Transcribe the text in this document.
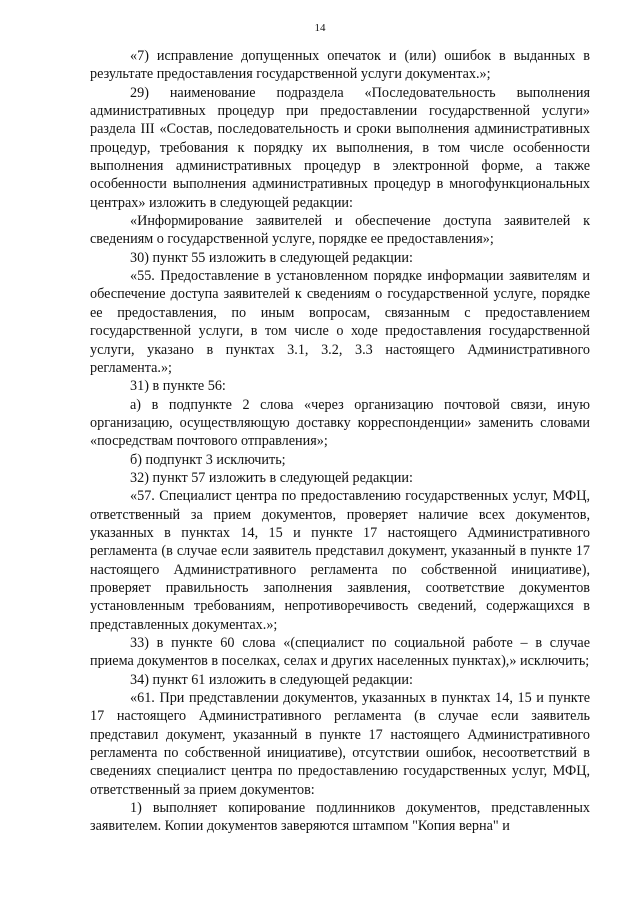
14

«7) исправление допущенных опечаток и (или) ошибок в выданных в результате предоставления государственной услуги документах.»;

29) наименование подраздела «Последовательность выполнения административных процедур при предоставлении государственной услуги» раздела III «Состав, последовательность и сроки выполнения административных процедур, требования к порядку их выполнения, в том числе особенности выполнения административных процедур в электронной форме, а также особенности выполнения административных процедур в многофункциональных центрах» изложить в следующей редакции:

«Информирование заявителей и обеспечение доступа заявителей к сведениям о государственной услуге, порядке ее предоставления»;

30) пункт 55 изложить в следующей редакции:

«55. Предоставление в установленном порядке информации заявителям и обеспечение доступа заявителей к сведениям о государственной услуге, порядке ее предоставления, по иным вопросам, связанным с предоставлением государственной услуги, в том числе о ходе предоставления государственной услуги, указано в пунктах 3.1, 3.2, 3.3 настоящего Административного регламента.»;

31) в пункте 56:

а) в подпункте 2 слова «через организацию почтовой связи, иную организацию, осуществляющую доставку корреспонденции» заменить словами «посредствам почтового отправления»;

б) подпункт 3 исключить;

32) пункт 57 изложить в следующей редакции:

«57. Специалист центра по предоставлению государственных услуг, МФЦ, ответственный за прием документов, проверяет наличие всех документов, указанных в пунктах 14, 15 и пункте 17 настоящего Административного регламента (в случае если заявитель представил документ, указанный в пункте 17 настоящего Административного регламента по собственной инициативе), проверяет правильность заполнения заявления, соответствие документов установленным требованиям, непротиворечивость сведений, содержащихся в представленных документах.»;

33) в пункте 60 слова «(специалист по социальной работе – в случае приема документов в поселках, селах и других населенных пунктах),» исключить;

34) пункт 61 изложить в следующей редакции:

«61. При представлении документов, указанных в пунктах 14, 15 и пункте 17 настоящего Административного регламента (в случае если заявитель представил документ, указанный в пункте 17 настоящего Административного регламента по собственной инициативе), отсутствии ошибок, несоответствий в сведениях специалист центра по предоставлению государственных услуг, МФЦ, ответственный за прием документов:

1) выполняет копирование подлинников документов, представленных заявителем. Копии документов заверяются штампом "Копия верна" и
